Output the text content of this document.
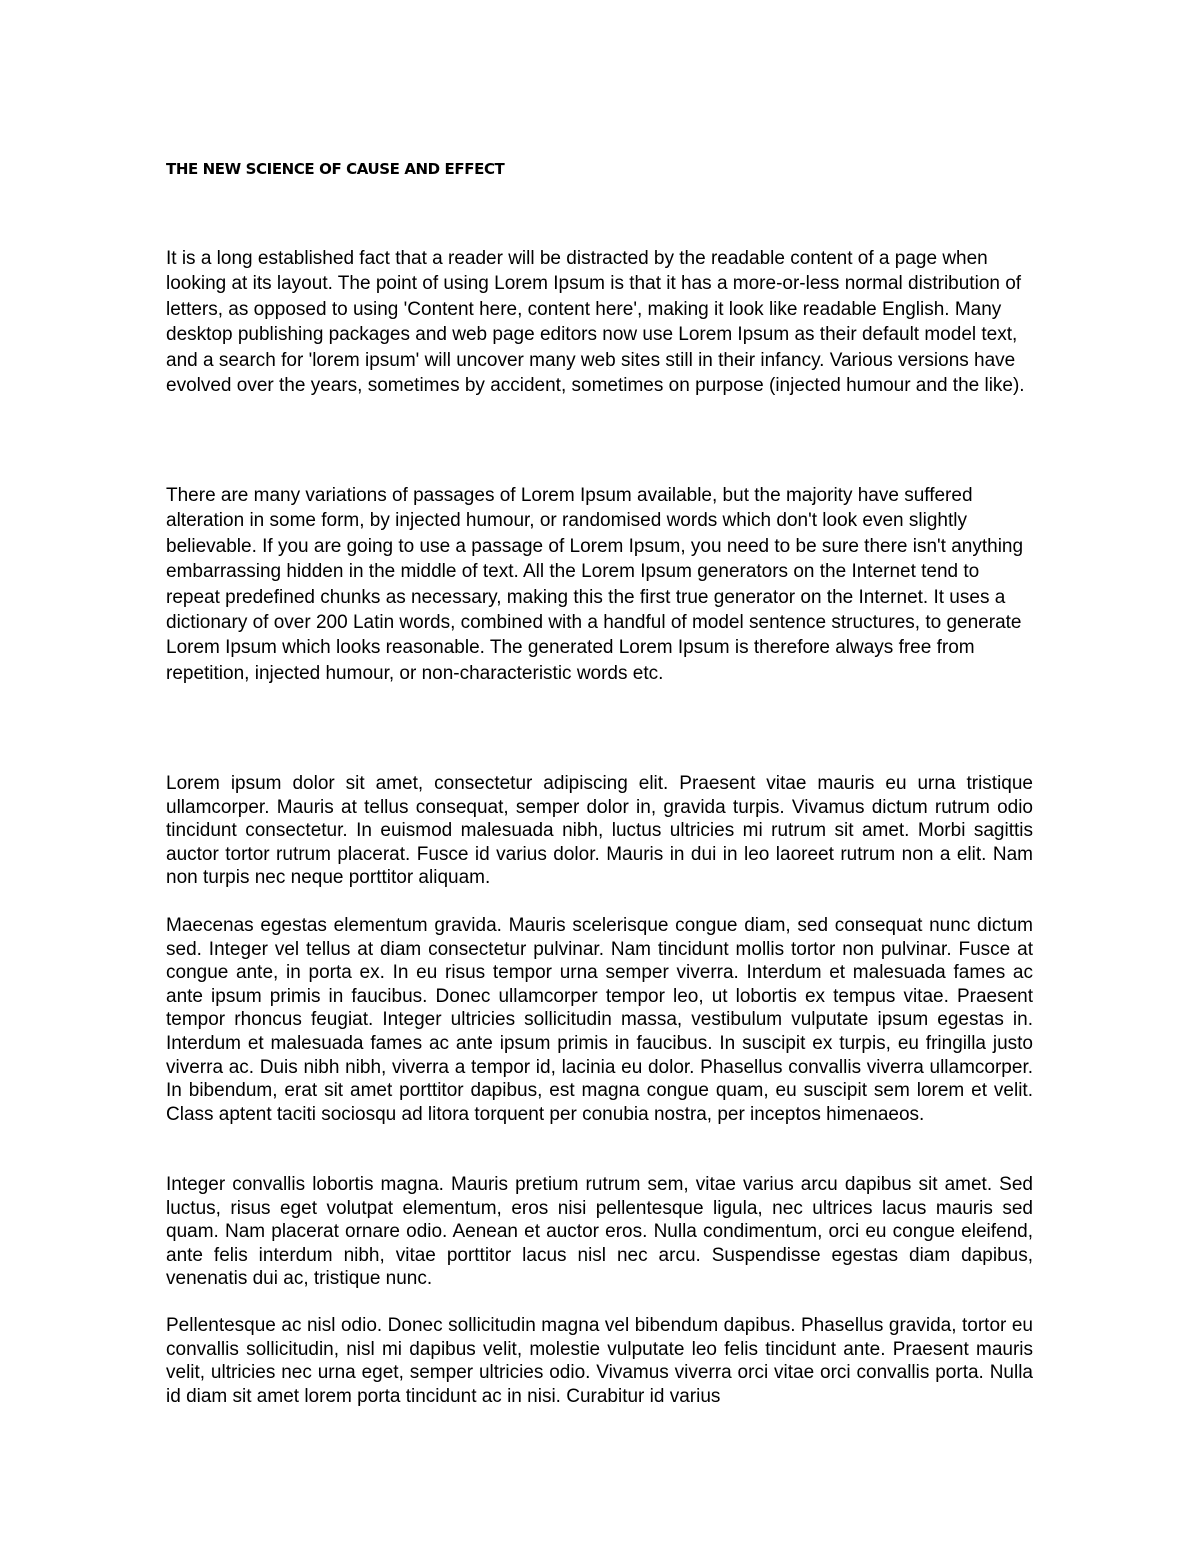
THE NEW SCIENCE OF CAUSE AND EFFECT

It is a long established fact that a reader will be distracted by the readable content of a page when looking at its layout. The point of using Lorem Ipsum is that it has a more-or-less normal distribution of letters, as opposed to using 'Content here, content here', making it look like readable English. Many desktop publishing packages and web page editors now use Lorem Ipsum as their default model text, and a search for 'lorem ipsum' will uncover many web sites still in their infancy. Various versions have evolved over the years, sometimes by accident, sometimes on purpose (injected humour and the like).

There are many variations of passages of Lorem Ipsum available, but the majority have suffered alteration in some form, by injected humour, or randomised words which don't look even slightly believable. If you are going to use a passage of Lorem Ipsum, you need to be sure there isn't anything embarrassing hidden in the middle of text. All the Lorem Ipsum generators on the Internet tend to repeat predefined chunks as necessary, making this the first true generator on the Internet. It uses a dictionary of over 200 Latin words, combined with a handful of model sentence structures, to generate Lorem Ipsum which looks reasonable. The generated Lorem Ipsum is therefore always free from repetition, injected humour, or non-characteristic words etc.

Lorem ipsum dolor sit amet, consectetur adipiscing elit. Praesent vitae mauris eu urna tristique ullamcorper. Mauris at tellus consequat, semper dolor in, gravida turpis. Vivamus dictum rutrum odio tincidunt consectetur. In euismod malesuada nibh, luctus ultricies mi rutrum sit amet. Morbi sagittis auctor tortor rutrum placerat. Fusce id varius dolor. Mauris in dui in leo laoreet rutrum non a elit. Nam non turpis nec neque porttitor aliquam.

Maecenas egestas elementum gravida. Mauris scelerisque congue diam, sed consequat nunc dictum sed. Integer vel tellus at diam consectetur pulvinar. Nam tincidunt mollis tortor non pulvinar. Fusce at congue ante, in porta ex. In eu risus tempor urna semper viverra. Interdum et malesuada fames ac ante ipsum primis in faucibus. Donec ullamcorper tempor leo, ut lobortis ex tempus vitae. Praesent tempor rhoncus feugiat. Integer ultricies sollicitudin massa, vestibulum vulputate ipsum egestas in. Interdum et malesuada fames ac ante ipsum primis in faucibus. In suscipit ex turpis, eu fringilla justo viverra ac. Duis nibh nibh, viverra a tempor id, lacinia eu dolor. Phasellus convallis viverra ullamcorper. In bibendum, erat sit amet porttitor dapibus, est magna congue quam, eu suscipit sem lorem et velit. Class aptent taciti sociosqu ad litora torquent per conubia nostra, per inceptos himenaeos.

Integer convallis lobortis magna. Mauris pretium rutrum sem, vitae varius arcu dapibus sit amet. Sed luctus, risus eget volutpat elementum, eros nisi pellentesque ligula, nec ultrices lacus mauris sed quam. Nam placerat ornare odio. Aenean et auctor eros. Nulla condimentum, orci eu congue eleifend, ante felis interdum nibh, vitae porttitor lacus nisl nec arcu. Suspendisse egestas diam dapibus, venenatis dui ac, tristique nunc.

Pellentesque ac nisl odio. Donec sollicitudin magna vel bibendum dapibus. Phasellus gravida, tortor eu convallis sollicitudin, nisl mi dapibus velit, molestie vulputate leo felis tincidunt ante. Praesent mauris velit, ultricies nec urna eget, semper ultricies odio. Vivamus viverra orci vitae orci convallis porta. Nulla id diam sit amet lorem porta tincidunt ac in nisi. Curabitur id varius
